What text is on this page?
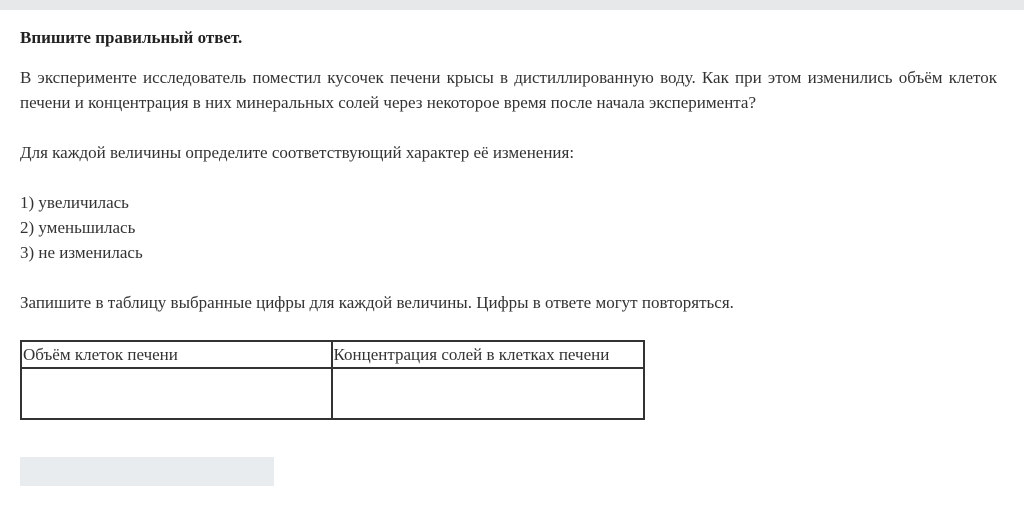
Впишите правильный ответ.

В эксперименте исследователь поместил кусочек печени крысы в дистиллированную воду. Как при этом изменились объём клеток печени и концентрация в них минеральных солей через некоторое время после начала эксперимента?

Для каждой величины определите соответствующий характер её изменения:

1) увеличилась
2) уменьшилась
3) не изменилась

Запишите в таблицу выбранные цифры для каждой величины. Цифры в ответе могут повторяться.

Объём клеток печени	Концентрация солей в клетках печени
